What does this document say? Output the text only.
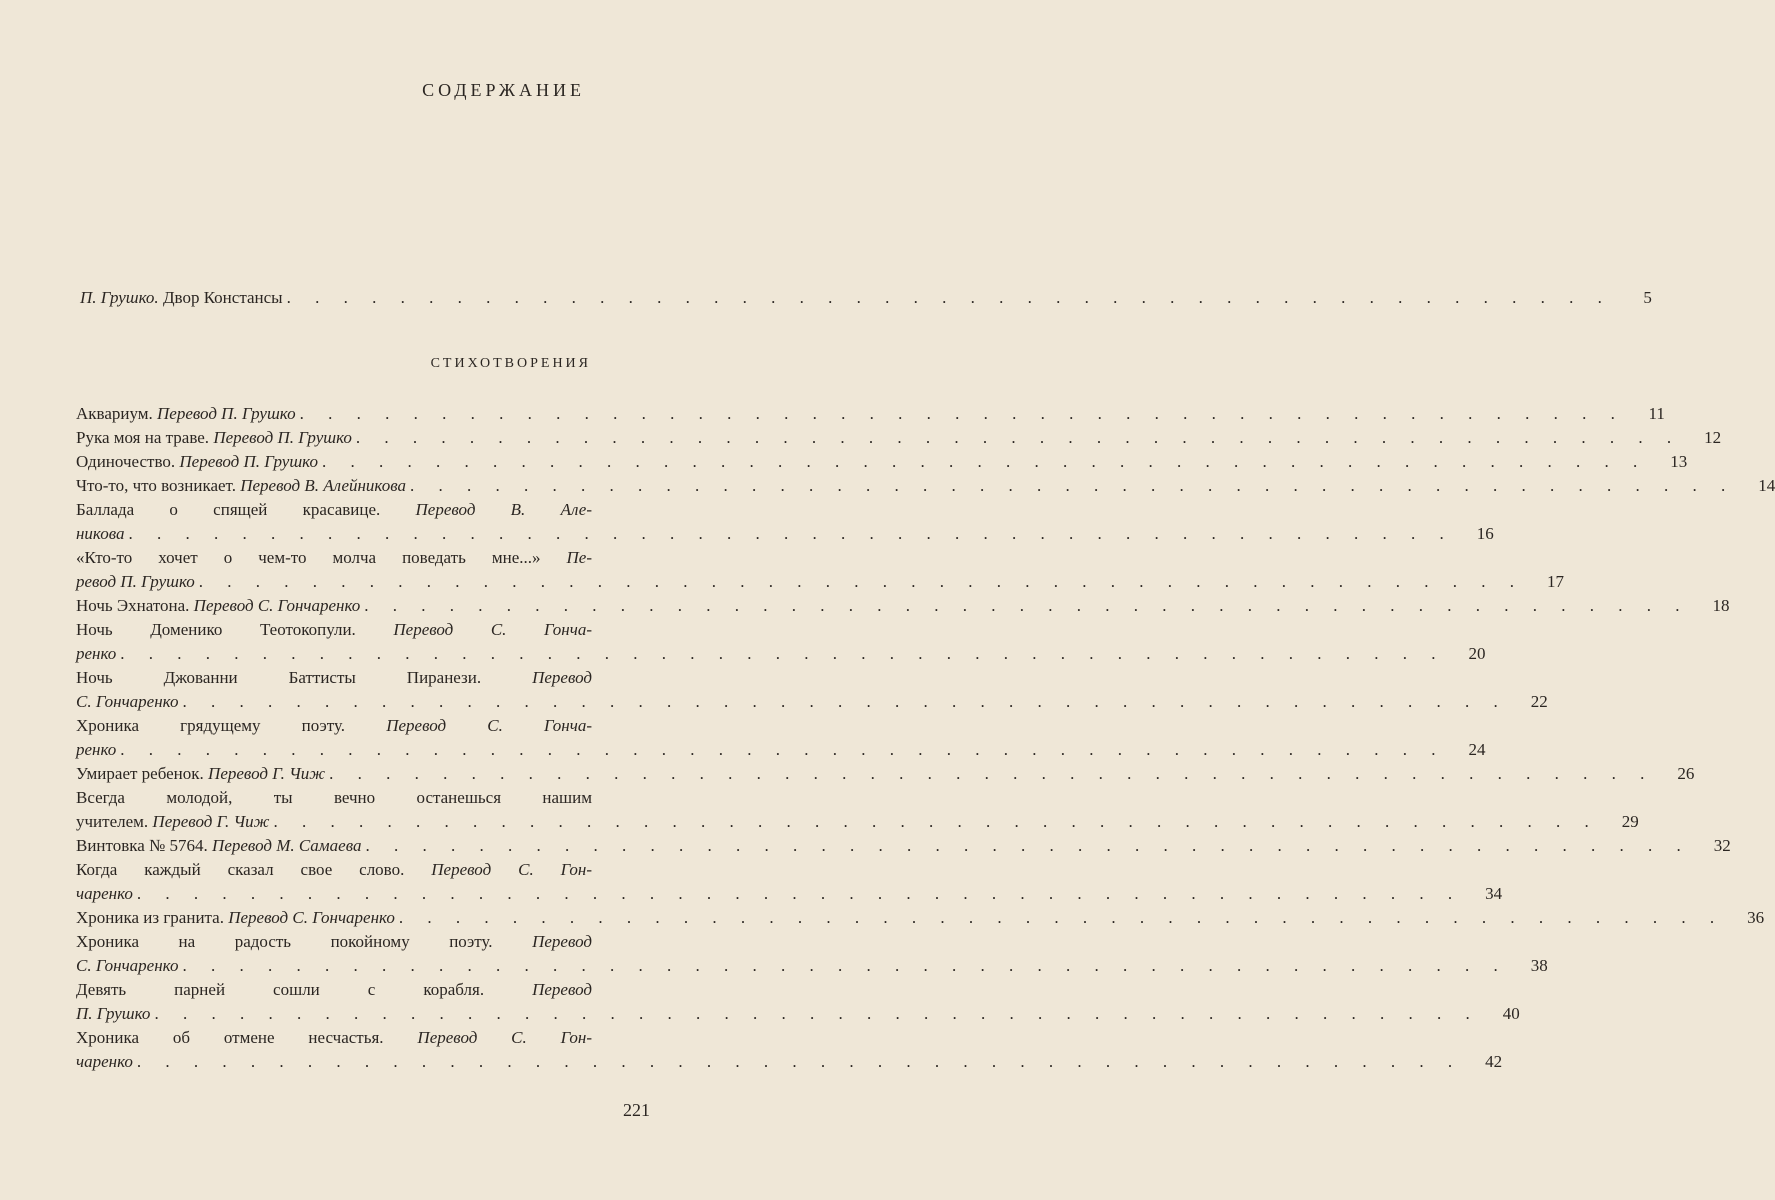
СОДЕРЖАНИЕ
П. Грушко. Двор Констансы . . . . . . . . . . . . . . . . . . . . . . . . . . . . . . . . . . . . . . . . . . . . . . .	5
СТИХОТВОРЕНИЯ
Аквариум. Перевод П. Грушко . . . . . . . . . . . . . . . . . . . . . . . . . . . . . . . . . . . . . . . . . . . . . . .	11
Рука моя на траве. Перевод П. Грушко . . . . . . . . . . . . . . . . . . . . . . . . . . . . . . . . . . . . . . . . . . . . . . .	12
Одиночество. Перевод П. Грушко . . . . . . . . . . . . . . . . . . . . . . . . . . . . . . . . . . . . . . . . . . . . . . .	13
Что-то, что возникает. Перевод В. Алейникова . . . . . . . . . . . . . . . . . . . . . . . . . . . . . . . . . . . . . . . . . . . . . . .	14
Баллада о спящей красавице. Перевод В. Але-
никова . . . . . . . . . . . . . . . . . . . . . . . . . . . . . . . . . . . . . . . . . . . . . . .	16
«Кто-то хочет о чем-то молча поведать мне...» Пе-
ревод П. Грушко . . . . . . . . . . . . . . . . . . . . . . . . . . . . . . . . . . . . . . . . . . . . . . .	17
Ночь Эхнатона. Перевод С. Гончаренко . . . . . . . . . . . . . . . . . . . . . . . . . . . . . . . . . . . . . . . . . . . . . . .	18
Ночь Доменико Теотокопули. Перевод С. Гонча-
ренко . . . . . . . . . . . . . . . . . . . . . . . . . . . . . . . . . . . . . . . . . . . . . . .	20
Ночь Джованни Баттисты Пиранези. Перевод
С. Гончаренко . . . . . . . . . . . . . . . . . . . . . . . . . . . . . . . . . . . . . . . . . . . . . . .	22
Хроника грядущему поэту. Перевод С. Гонча-
ренко . . . . . . . . . . . . . . . . . . . . . . . . . . . . . . . . . . . . . . . . . . . . . . .	24
Умирает ребенок. Перевод Г. Чиж . . . . . . . . . . . . . . . . . . . . . . . . . . . . . . . . . . . . . . . . . . . . . . .	26
Всегда молодой, ты вечно останешься нашим
учителем. Перевод Г. Чиж . . . . . . . . . . . . . . . . . . . . . . . . . . . . . . . . . . . . . . . . . . . . . . .	29
Винтовка № 5764. Перевод М. Самаева . . . . . . . . . . . . . . . . . . . . . . . . . . . . . . . . . . . . . . . . . . . . . . .	32
Когда каждый сказал свое слово. Перевод С. Гон-
чаренко . . . . . . . . . . . . . . . . . . . . . . . . . . . . . . . . . . . . . . . . . . . . . . .	34
Хроника из гранита. Перевод С. Гончаренко . . . . . . . . . . . . . . . . . . . . . . . . . . . . . . . . . . . . . . . . . . . . . . .	36
Хроника на радость покойному поэту. Перевод
С. Гончаренко . . . . . . . . . . . . . . . . . . . . . . . . . . . . . . . . . . . . . . . . . . . . . . .	38
Девять парней сошли с корабля. Перевод
П. Грушко . . . . . . . . . . . . . . . . . . . . . . . . . . . . . . . . . . . . . . . . . . . . . . .	40
Хроника об отмене несчастья. Перевод С. Гон-
чаренко . . . . . . . . . . . . . . . . . . . . . . . . . . . . . . . . . . . . . . . . . . . . . . .	42
221
